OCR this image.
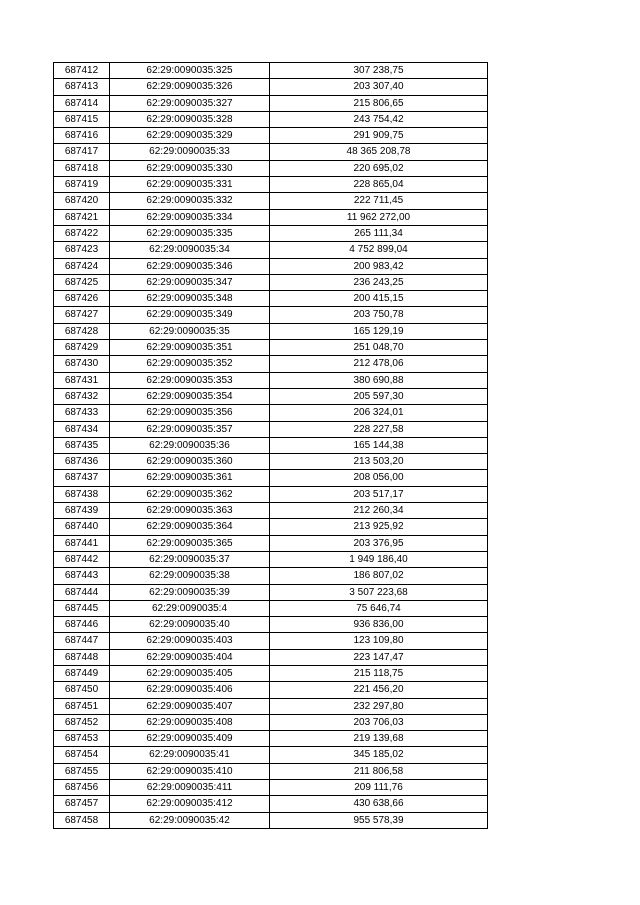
687412	62:29:0090035:325	307 238,75
687413	62:29:0090035:326	203 307,40
687414	62:29:0090035:327	215 806,65
687415	62:29:0090035:328	243 754,42
687416	62:29:0090035:329	291 909,75
687417	62:29:0090035:33	48 365 208,78
687418	62:29:0090035:330	220 695,02
687419	62:29:0090035:331	228 865,04
687420	62:29:0090035:332	222 711,45
687421	62:29:0090035:334	11 962 272,00
687422	62:29:0090035:335	265 111,34
687423	62:29:0090035:34	4 752 899,04
687424	62:29:0090035:346	200 983,42
687425	62:29:0090035:347	236 243,25
687426	62:29:0090035:348	200 415,15
687427	62:29:0090035:349	203 750,78
687428	62:29:0090035:35	165 129,19
687429	62:29:0090035:351	251 048,70
687430	62:29:0090035:352	212 478,06
687431	62:29:0090035:353	380 690,88
687432	62:29:0090035:354	205 597,30
687433	62:29:0090035:356	206 324,01
687434	62:29:0090035:357	228 227,58
687435	62:29:0090035:36	165 144,38
687436	62:29:0090035:360	213 503,20
687437	62:29:0090035:361	208 056,00
687438	62:29:0090035:362	203 517,17
687439	62:29:0090035:363	212 260,34
687440	62:29:0090035:364	213 925,92
687441	62:29:0090035:365	203 376,95
687442	62:29:0090035:37	1 949 186,40
687443	62:29:0090035:38	186 807,02
687444	62:29:0090035:39	3 507 223,68
687445	62:29:0090035:4	75 646,74
687446	62:29:0090035:40	936 836,00
687447	62:29:0090035:403	123 109,80
687448	62:29:0090035:404	223 147,47
687449	62:29:0090035:405	215 118,75
687450	62:29:0090035:406	221 456,20
687451	62:29:0090035:407	232 297,80
687452	62:29:0090035:408	203 706,03
687453	62:29:0090035:409	219 139,68
687454	62:29:0090035:41	345 185,02
687455	62:29:0090035:410	211 806,58
687456	62:29:0090035:411	209 111,76
687457	62:29:0090035:412	430 638,66
687458	62:29:0090035:42	955 578,39
